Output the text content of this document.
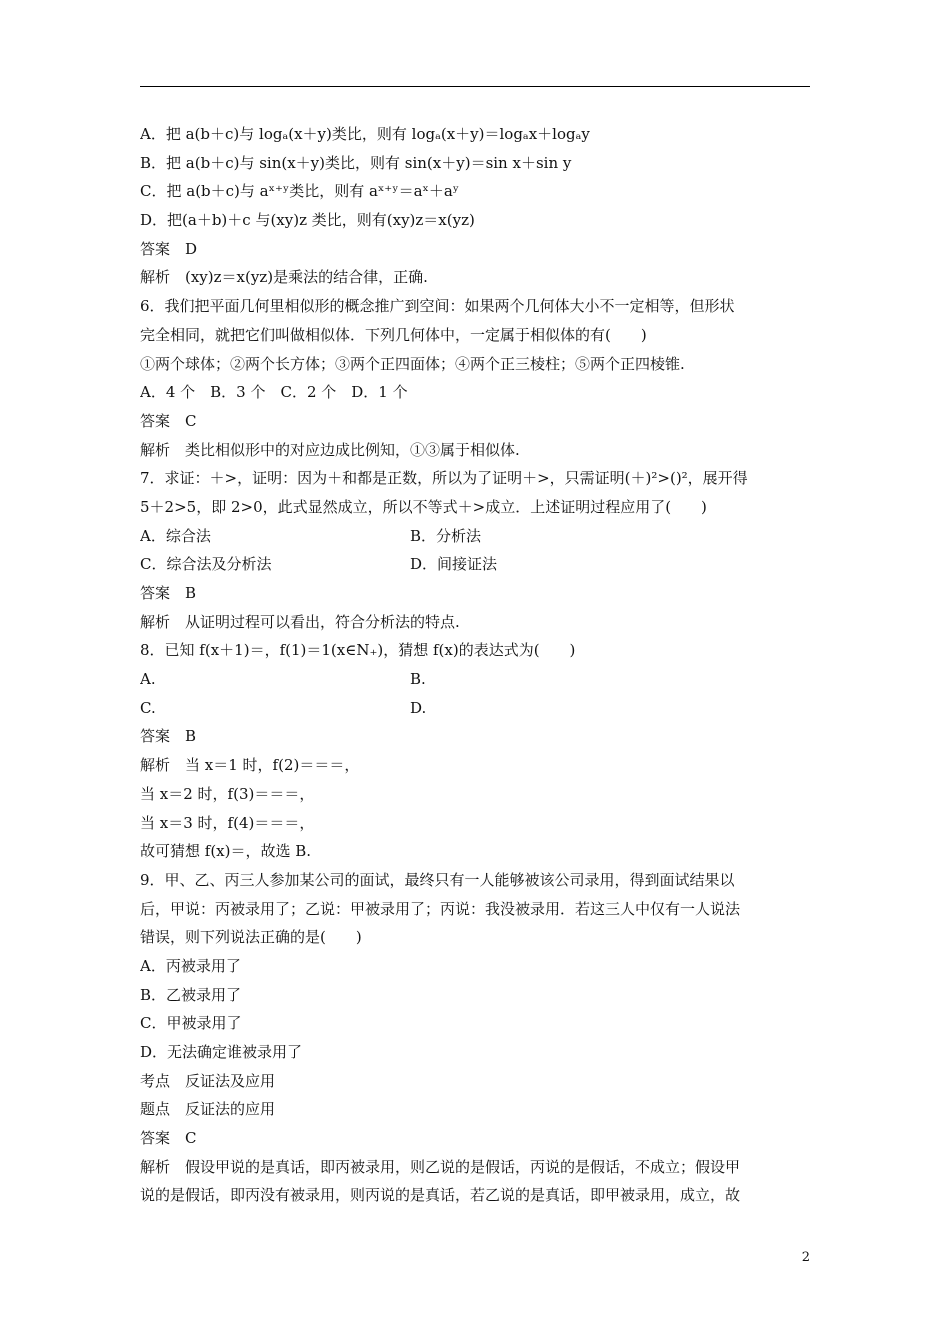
A．把 a(b＋c)与 logₐ(x＋y)类比，则有 logₐ(x＋y)＝logₐx＋logₐy
B．把 a(b＋c)与 sin(x＋y)类比，则有 sin(x＋y)＝sin x＋sin y
C．把 a(b＋c)与 aˣ⁺ʸ类比，则有 aˣ⁺ʸ＝aˣ＋aʸ
D．把(a＋b)＋c 与(xy)z 类比，则有(xy)z＝x(yz)
答案　D
解析　(xy)z＝x(yz)是乘法的结合律，正确.
6．我们把平面几何里相似形的概念推广到空间：如果两个几何体大小不一定相等，但形状
完全相同，就把它们叫做相似体．下列几何体中，一定属于相似体的有(　　)
①两个球体；②两个长方体；③两个正四面体；④两个正三棱柱；⑤两个正四棱锥.
A．4 个　B．3 个　C．2 个　D．1 个
答案　C
解析　类比相似形中的对应边成比例知，①③属于相似体.
7．求证：＋>，证明：因为＋和都是正数，所以为了证明＋>，只需证明(＋)²>()²，展开得
5＋2>5，即 2>0，此式显然成立，所以不等式＋>成立．上述证明过程应用了(　　)
A．综合法	B．分析法
C．综合法及分析法	D．间接证法
答案　B
解析　从证明过程可以看出，符合分析法的特点.
8．已知 f(x＋1)＝，f(1)＝1(x∈N₊)，猜想 f(x)的表达式为(　　)
A.	B.
C.	D.
答案　B
解析　当 x＝1 时，f(2)＝＝＝，
当 x＝2 时，f(3)＝＝＝，
当 x＝3 时，f(4)＝＝＝，
故可猜想 f(x)＝，故选 B.
9．甲、乙、丙三人参加某公司的面试，最终只有一人能够被该公司录用，得到面试结果以
后，甲说：丙被录用了；乙说：甲被录用了；丙说：我没被录用．若这三人中仅有一人说法
错误，则下列说法正确的是(　　)
A．丙被录用了
B．乙被录用了
C．甲被录用了
D．无法确定谁被录用了
考点　反证法及应用
题点　反证法的应用
答案　C
解析　假设甲说的是真话，即丙被录用，则乙说的是假话，丙说的是假话，不成立；假设甲
说的是假话，即丙没有被录用，则丙说的是真话，若乙说的是真话，即甲被录用，成立，故
2
